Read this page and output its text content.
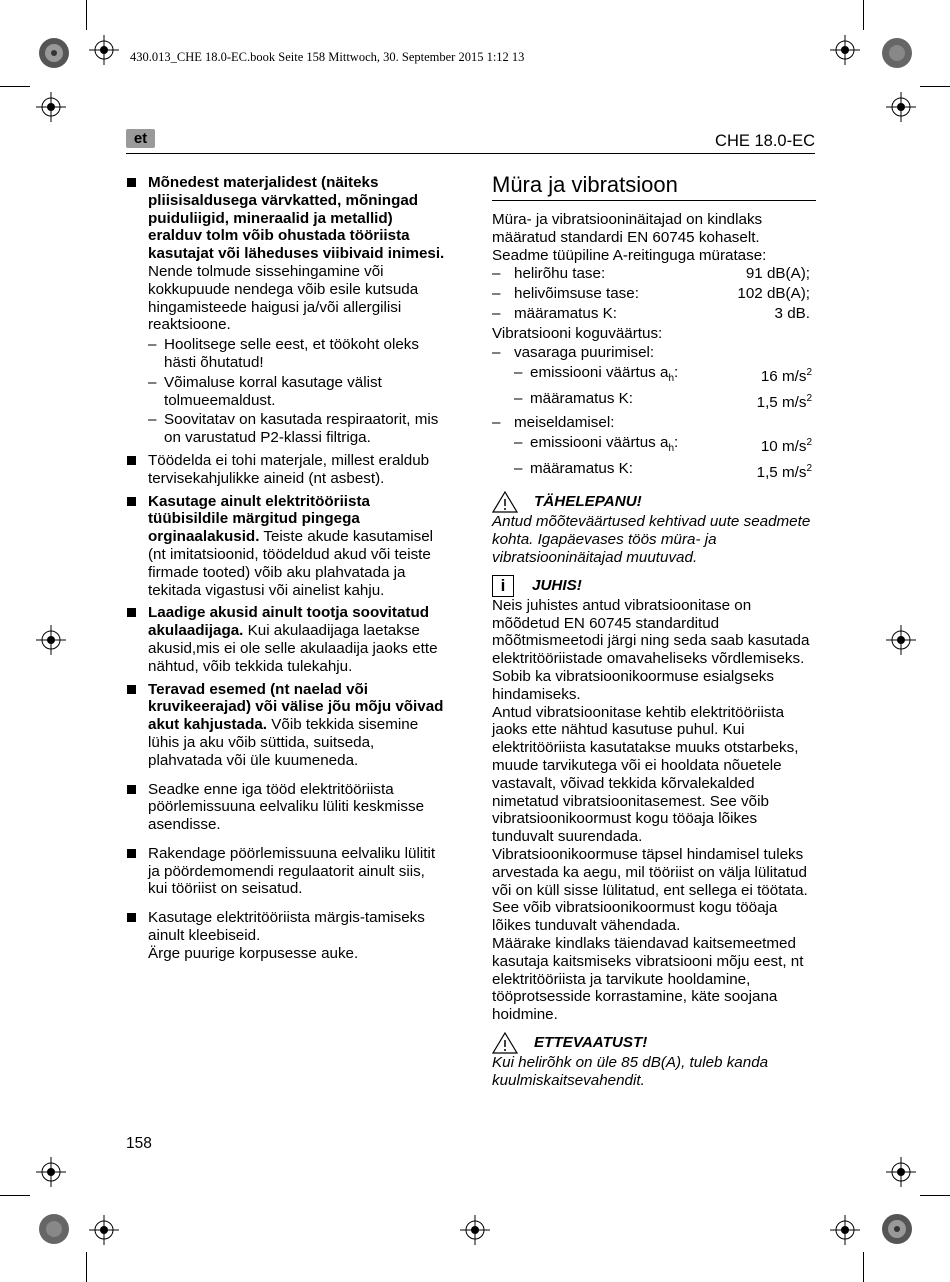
430.013_CHE 18.0-EC.book Seite 158 Mittwoch, 30. September 2015 1:12 13
et	CHE 18.0-EC
Mõnedest materjalidest (näiteks pliisisaldusega värvkatted, mõningad puiduliigid, mineraalid ja metallid) eralduv tolm võib ohustada tööriista kasutajat või läheduses viibivaid inimesi. Nende tolmude sissehingamine või kokkupuude nendega võib esile kutsuda hingamisteede haigusi ja/või allergilisi reaktsioone.
– Hoolitsege selle eest, et töökoht oleks hästi õhutatud!
– Võimaluse korral kasutage välist tolmueemaldust.
– Soovitatav on kasutada respiraatorit, mis on varustatud P2-klassi filtriga.
Töödelda ei tohi materjale, millest eraldub tervisekahjulikke aineid (nt asbest).
Kasutage ainult elektritööriista tüübisildile märgitud pingega orginaalakusid. Teiste akude kasutamisel (nt imitatsioonid, töödeldud akud või teiste firmade tooted) võib aku plahvatada ja tekitada vigastusi või ainelist kahju.
Laadige akusid ainult tootja soovitatud akulaadijaga. Kui akulaadijaga laetakse akusid,mis ei ole selle akulaadija jaoks ette nähtud, võib tekkida tulekahju.
Teravad esemed (nt naelad või kruvikeerajad) või välise jõu mõju võivad akut kahjustada. Võib tekkida sisemine lühis ja aku võib süttida, suitseda, plahvatada või üle kuumeneda.
Seadke enne iga tööd elektritööriista pöörlemissuuna eelvaliku lüliti keskmisse asendisse.
Rakendage pöörlemissuuna eelvaliku lülitit ja pöördemomendi regulaatorit ainult siis, kui tööriist on seisatud.
Kasutage elektritööriista märgis-tamiseks ainult kleebiseid.
Ärge puurige korpusesse auke.
Müra ja vibratsioon

Müra- ja vibratsiooninäitajad on kindlaks määratud standardi EN 60745 kohaselt.

Seadme tüüpiline A-reitinguga müratase:

– helirõhu tase:	91 dB(A);
– helivõimsuse tase:	102 dB(A);
– määramatus K:	3 dB.

Vibratsiooni koguväärtus:

– vasaraga puurimisel:
– emissiooni väärtus $a_h$:	16 $m/s^2$
– määramatus K:	1,5 $m/s^2$
– meiseldamisel:
– emissiooni väärtus $a_h$:	10 $m/s^2$
– määramatus K:	1,5 $m/s^2$
TÄHELEPANU!
Antud mõõteväärtused kehtivad uute seadmete kohta. Igapäevases töös müra- ja vibratsiooninäitajad muutuvad.
i JUHIS!

Neis juhistes antud vibratsioonitase on mõõdetud EN 60745 standarditud mõõtmismeetodi järgi ning seda saab kasutada elektritööriistade omavaheliseks võrdlemiseks. Sobib ka vibratsioonikoormuse esialgseks hindamiseks.

Antud vibratsioonitase kehtib elektritööriista jaoks ette nähtud kasutuse puhul. Kui elektritööriista kasutatakse muuks otstarbeks, muude tarvikutega või ei hooldata nõuetele vastavalt, võivad tekkida kõrvalekalded nimetatud vibratsioonitasemest. See võib vibratsioonikoormust kogu tööaja lõikes tunduvalt suurendada.

Vibratsioonikoormuse täpsel hindamisel tuleks arvestada ka aegu, mil tööriist on välja lülitatud või on küll sisse lülitatud, ent sellega ei töötata. See võib vibratsioonikoormust kogu tööaja lõikes tunduvalt vähendada.

Määrake kindlaks täiendavad kaitsemeetmed kasutaja kaitsmiseks vibratsiooni mõju eest, nt elektritööriista ja tarvikute hooldamine, tööprotsesside korrastamine, käte soojana hoidmine.

ETTEVAATUST!
Kui helirõhk on üle 85 dB(A), tuleb kanda kuulmiskaitsevahendit.
158
